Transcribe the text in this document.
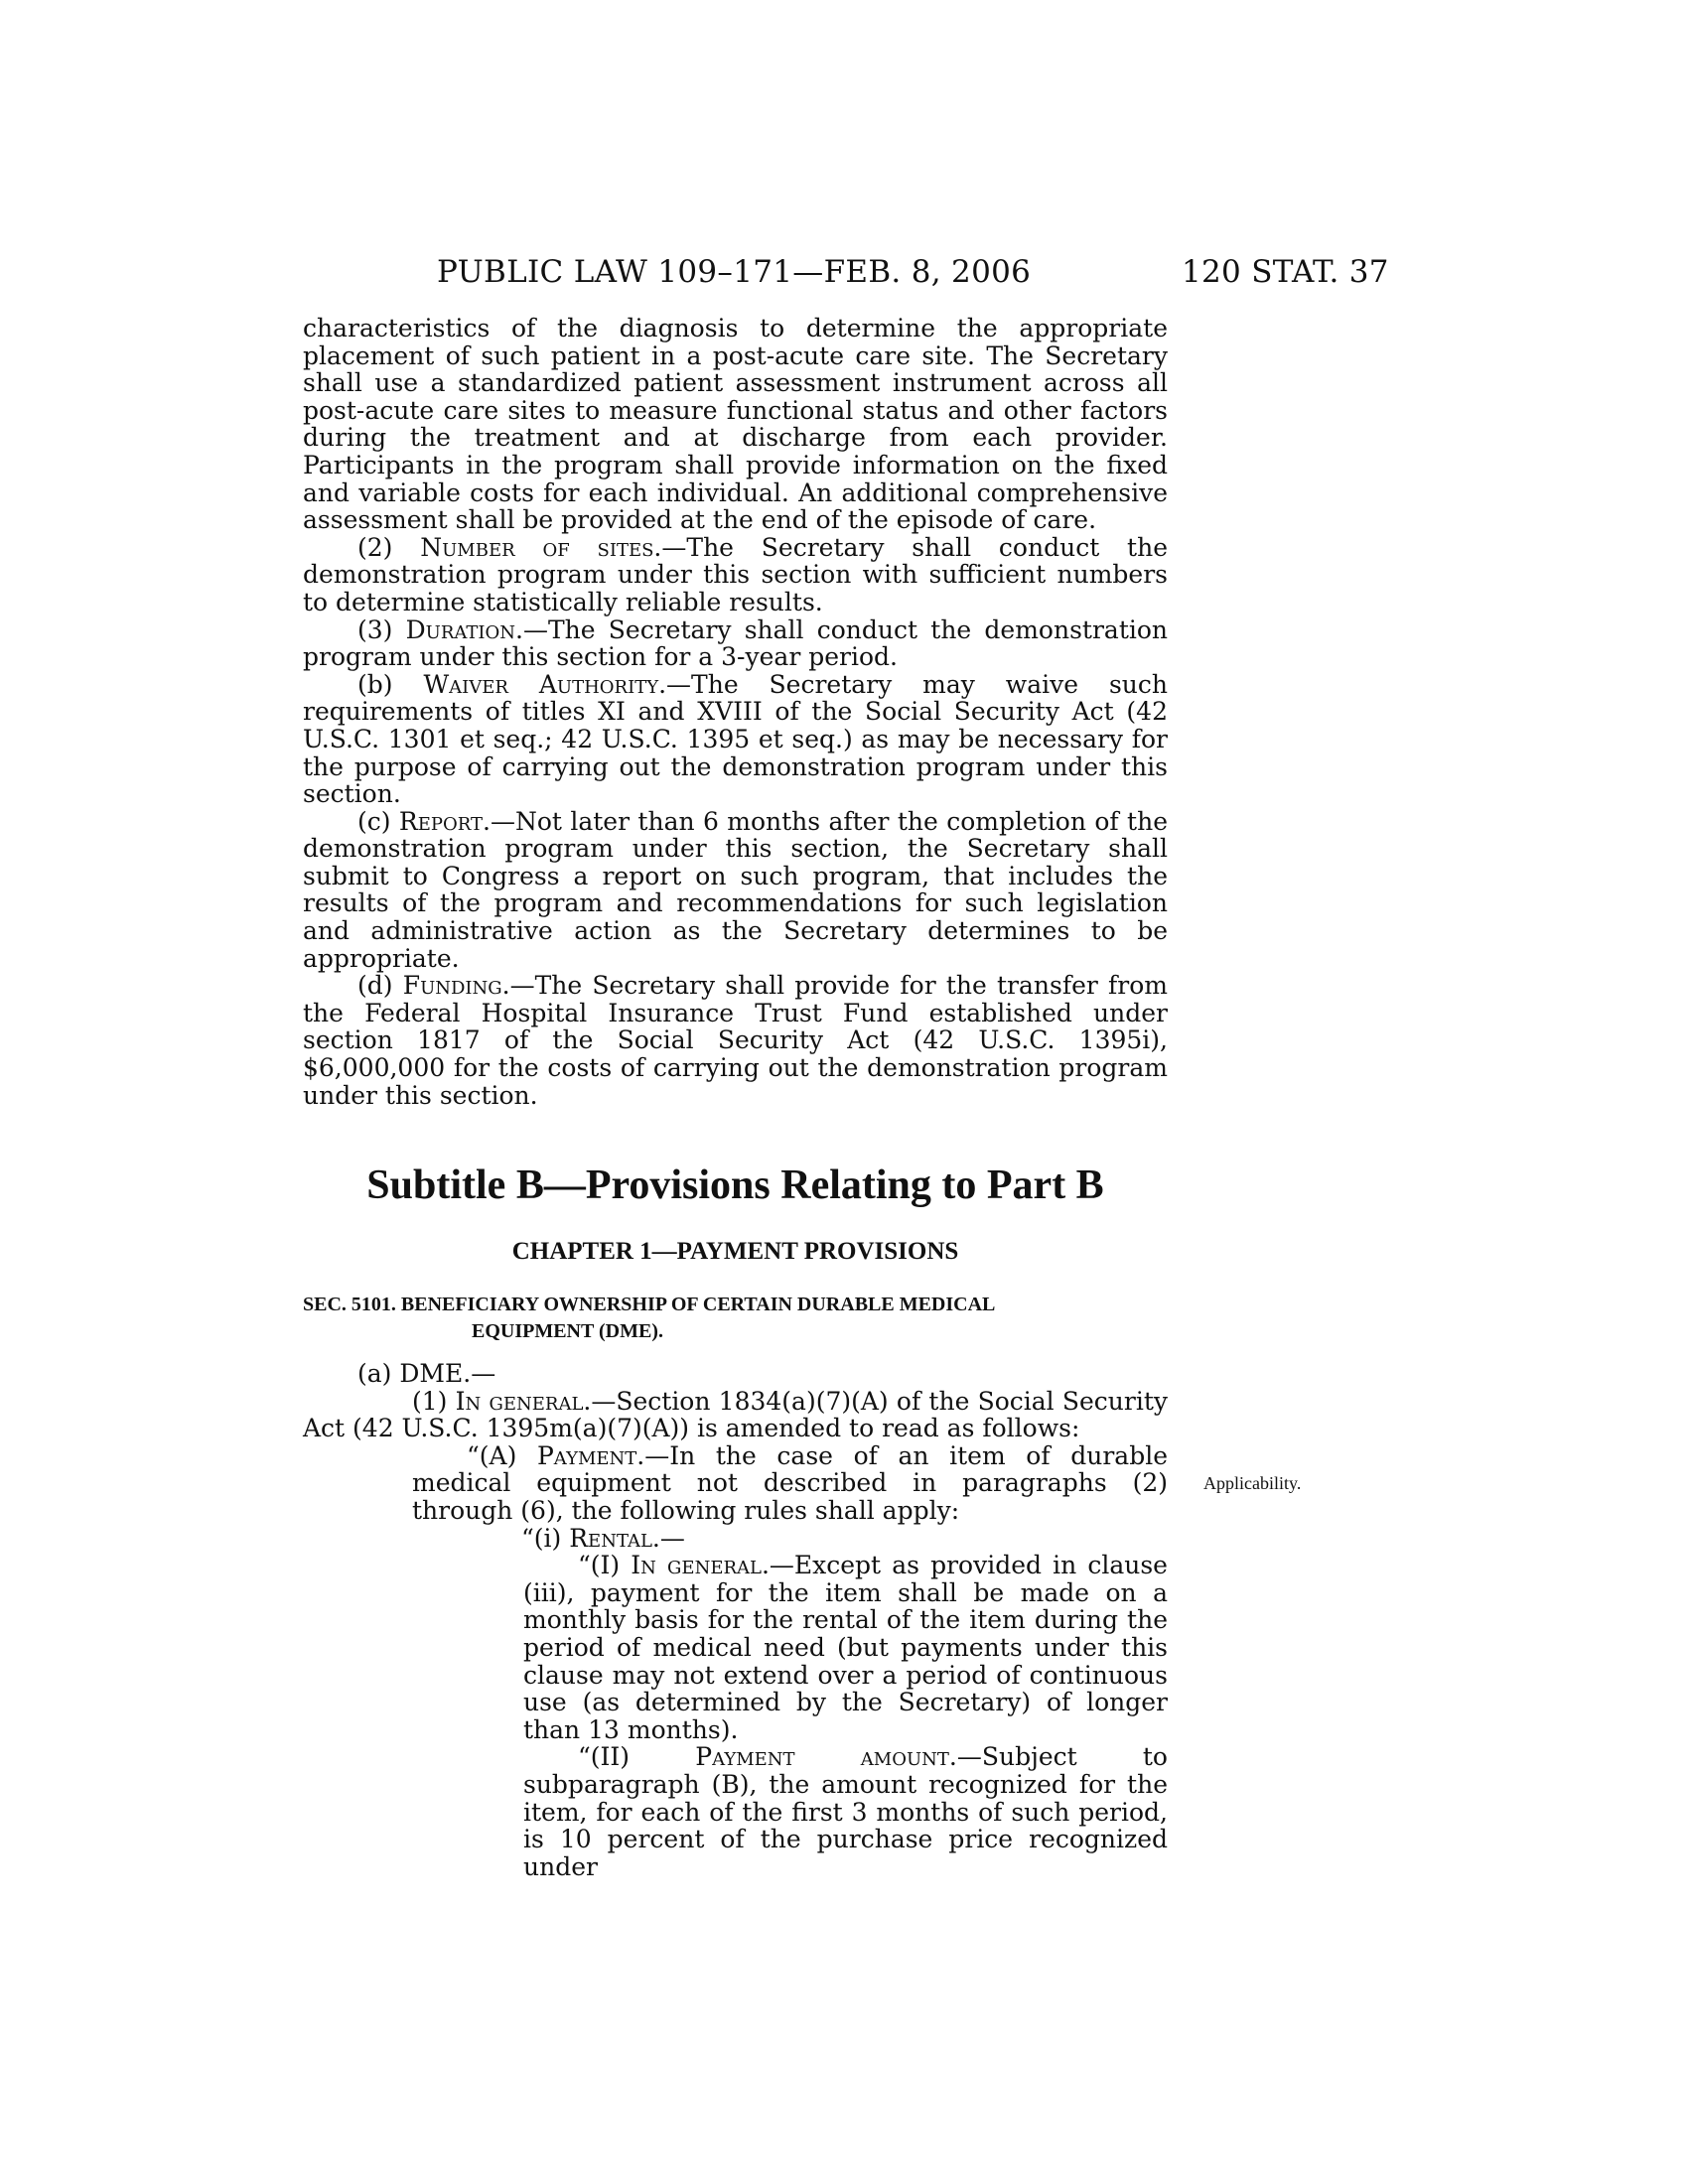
PUBLIC LAW 109–171—FEB. 8, 2006	120 STAT. 37

characteristics of the diagnosis to determine the appropriate placement of such patient in a post-acute care site. The Secretary shall use a standardized patient assessment instrument across all post-acute care sites to measure functional status and other factors during the treatment and at discharge from each provider. Participants in the program shall provide information on the fixed and variable costs for each individual. An additional comprehensive assessment shall be provided at the end of the episode of care.

(2) Number of sites.—The Secretary shall conduct the demonstration program under this section with sufficient numbers to determine statistically reliable results.

(3) Duration.—The Secretary shall conduct the demonstration program under this section for a 3-year period.

(b) Waiver Authority.—The Secretary may waive such requirements of titles XI and XVIII of the Social Security Act (42 U.S.C. 1301 et seq.; 42 U.S.C. 1395 et seq.) as may be necessary for the purpose of carrying out the demonstration program under this section.

(c) Report.—Not later than 6 months after the completion of the demonstration program under this section, the Secretary shall submit to Congress a report on such program, that includes the results of the program and recommendations for such legislation and administrative action as the Secretary determines to be appropriate.

(d) Funding.—The Secretary shall provide for the transfer from the Federal Hospital Insurance Trust Fund established under section 1817 of the Social Security Act (42 U.S.C. 1395i), $6,000,000 for the costs of carrying out the demonstration program under this section.

Subtitle B—Provisions Relating to Part B
CHAPTER 1—PAYMENT PROVISIONS
SEC. 5101. BENEFICIARY OWNERSHIP OF CERTAIN DURABLE MEDICAL
EQUIPMENT (DME).

(a) DME.—

(1) In general.—Section 1834(a)(7)(A) of the Social Security Act (42 U.S.C. 1395m(a)(7)(A)) is amended to read as follows:

“(A) Payment.—In the case of an item of durable medical equipment not described in paragraphs (2) through (6), the following rules shall apply:

“(i) Rental.—

“(I) In general.—Except as provided in clause (iii), payment for the item shall be made on a monthly basis for the rental of the item during the period of medical need (but payments under this clause may not extend over a period of continuous use (as determined by the Secretary) of longer than 13 months).

“(II) Payment amount.—Subject to subparagraph (B), the amount recognized for the item, for each of the first 3 months of such period, is 10 percent of the purchase price recognized under

Applicability.
